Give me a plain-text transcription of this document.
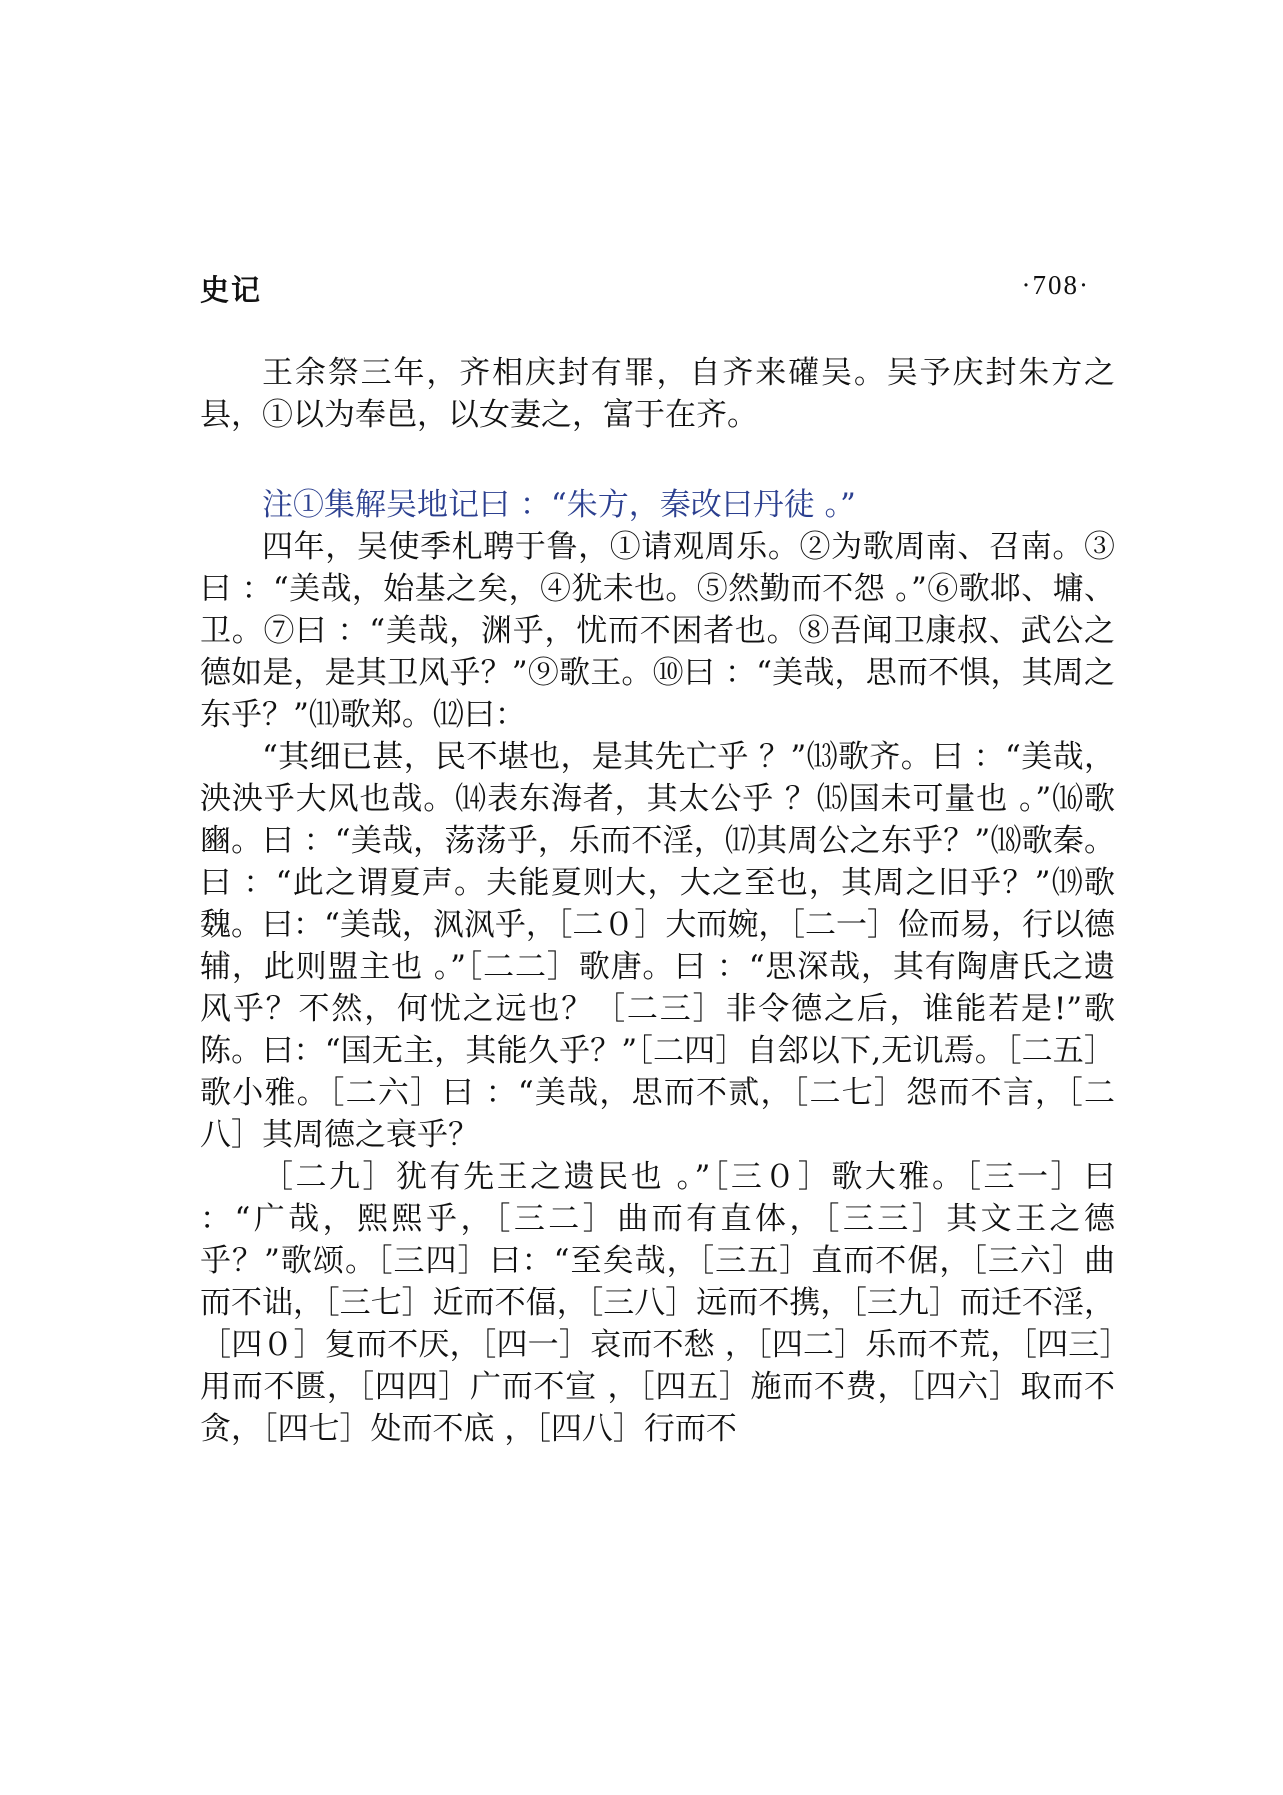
史记	·708·

王余祭三年，齐相庆封有罪，自齐来礶吴。吴予庆封朱方之县，①以为奉邑，以女妻之，富于在齐。

注①集解吴地记曰 ：“朱方，秦改曰丹徒 。”

四年，吴使季札聘于鲁，①请观周乐。②为歌周南、召南。③曰 ：“美哉，始基之矣，④犹未也。⑤然勤而不怨 。”⑥歌邶、墉、卫。⑦曰 ：“美哉，渊乎，忧而不困者也。⑧吾闻卫康叔、武公之德如是，是其卫风乎？”⑨歌王。⑩曰 ：“美哉，思而不惧，其周之东乎？”⑾歌郑。⑿曰：

“其细已甚，民不堪也，是其先亡乎 ？”⒀歌齐。曰 ：“美哉，泱泱乎大风也哉。⒁表东海者，其太公乎 ？⒂国未可量也 。”⒃歌豳。曰 ：“美哉，荡荡乎，乐而不淫，⒄其周公之东乎？”⒅歌秦。曰 ：“此之谓夏声。夫能夏则大，大之至也，其周之旧乎？”⒆歌魏。曰：“美哉，沨沨乎，［二０］大而婉，［二一］俭而易，行以德辅，此则盟主也 。”［二二］歌唐。曰 ：“思深哉，其有陶唐氏之遗风乎？不然，何忧之远也？［二三］非令德之后，谁能若是!”歌陈。曰：“国无主，其能久乎？”［二四］自郐以下,无讥焉。［二五］歌小雅。［二六］曰 ：“美哉，思而不贰，［二七］怨而不言，［二八］其周德之衰乎？

［二九］犹有先王之遗民也 。”［三０］歌大雅。［三一］曰 ：“广哉，熙熙乎，［三二］曲而有直体，［三三］其文王之德乎？”歌颂。［三四］曰：“至矣哉，［三五］直而不倨，［三六］曲而不诎，［三七］近而不偪，［三八］远而不携，［三九］而迁不淫，［四０］复而不厌，［四一］哀而不愁 ，［四二］乐而不荒，［四三］用而不匮，［四四］广而不宣 ，［四五］施而不费，［四六］取而不贪，［四七］处而不底 ，［四八］行而不
